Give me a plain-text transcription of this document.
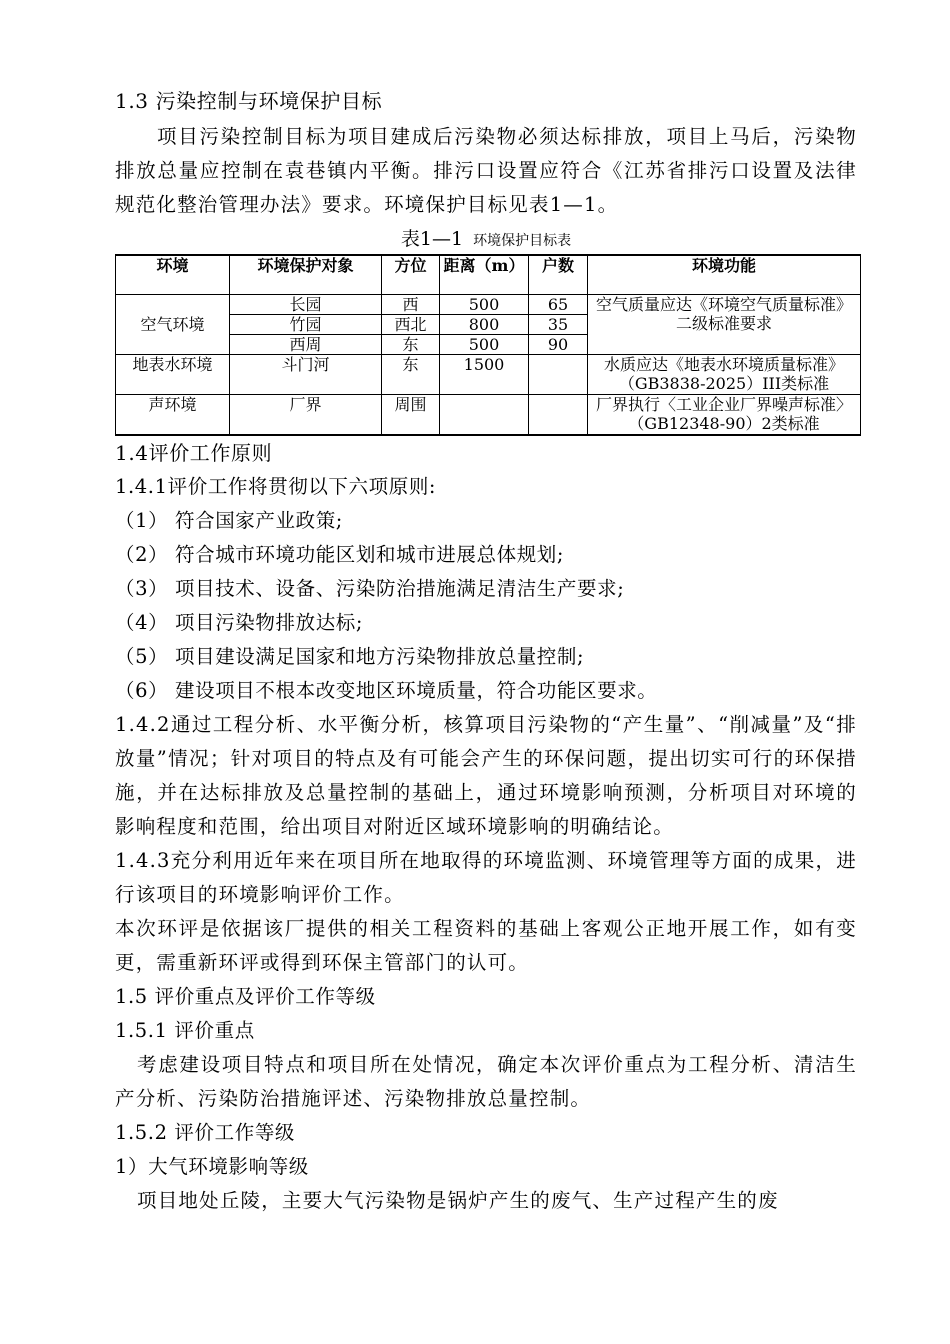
1.3 污染控制与环境保护目标
项目污染控制目标为项目建成后污染物必须达标排放，项目上马后，污染物排放总量应控制在袁巷镇内平衡。排污口设置应符合《江苏省排污口设置及法律规范化整治管理办法》要求。环境保护目标见表1—1。
表1—1 环境保护目标表
环境	环境保护对象	方位	距离（m）	户数	环境功能
空气环境	长园	西	500	65	空气质量应达《环境空气质量标准》二级标准要求
	竹园	西北	800	35	
	西周	东	500	90	
地表水环境	斗门河	东	1500		水质应达《地表水环境质量标准》（GB3838-2025）III类标准
声环境	厂界	周围			厂界执行〈工业企业厂界噪声标准〉（GB12348-90）2类标准
1.4评价工作原则
1.4.1评价工作将贯彻以下六项原则:
（1） 符合国家产业政策;
（2） 符合城市环境功能区划和城市进展总体规划;
（3） 项目技术、设备、污染防治措施满足清洁生产要求;
（4） 项目污染物排放达标;
（5） 项目建设满足国家和地方污染物排放总量控制;
（6） 建设项目不根本改变地区环境质量，符合功能区要求。
1.4.2通过工程分析、水平衡分析，核算项目污染物的“产生量”、“削减量”及“排放量”情况；针对项目的特点及有可能会产生的环保问题，提出切实可行的环保措施，并在达标排放及总量控制的基础上，通过环境影响预测，分析项目对环境的影响程度和范围，给出项目对附近区域环境影响的明确结论。
1.4.3充分利用近年来在项目所在地取得的环境监测、环境管理等方面的成果，进行该项目的环境影响评价工作。
本次环评是依据该厂提供的相关工程资料的基础上客观公正地开展工作，如有变更，需重新环评或得到环保主管部门的认可。
1.5 评价重点及评价工作等级
1.5.1 评价重点
考虑建设项目特点和项目所在处情况，确定本次评价重点为工程分析、清洁生产分析、污染防治措施评述、污染物排放总量控制。
1.5.2 评价工作等级
1）大气环境影响等级
项目地处丘陵，主要大气污染物是锅炉产生的废气、生产过程产生的废
